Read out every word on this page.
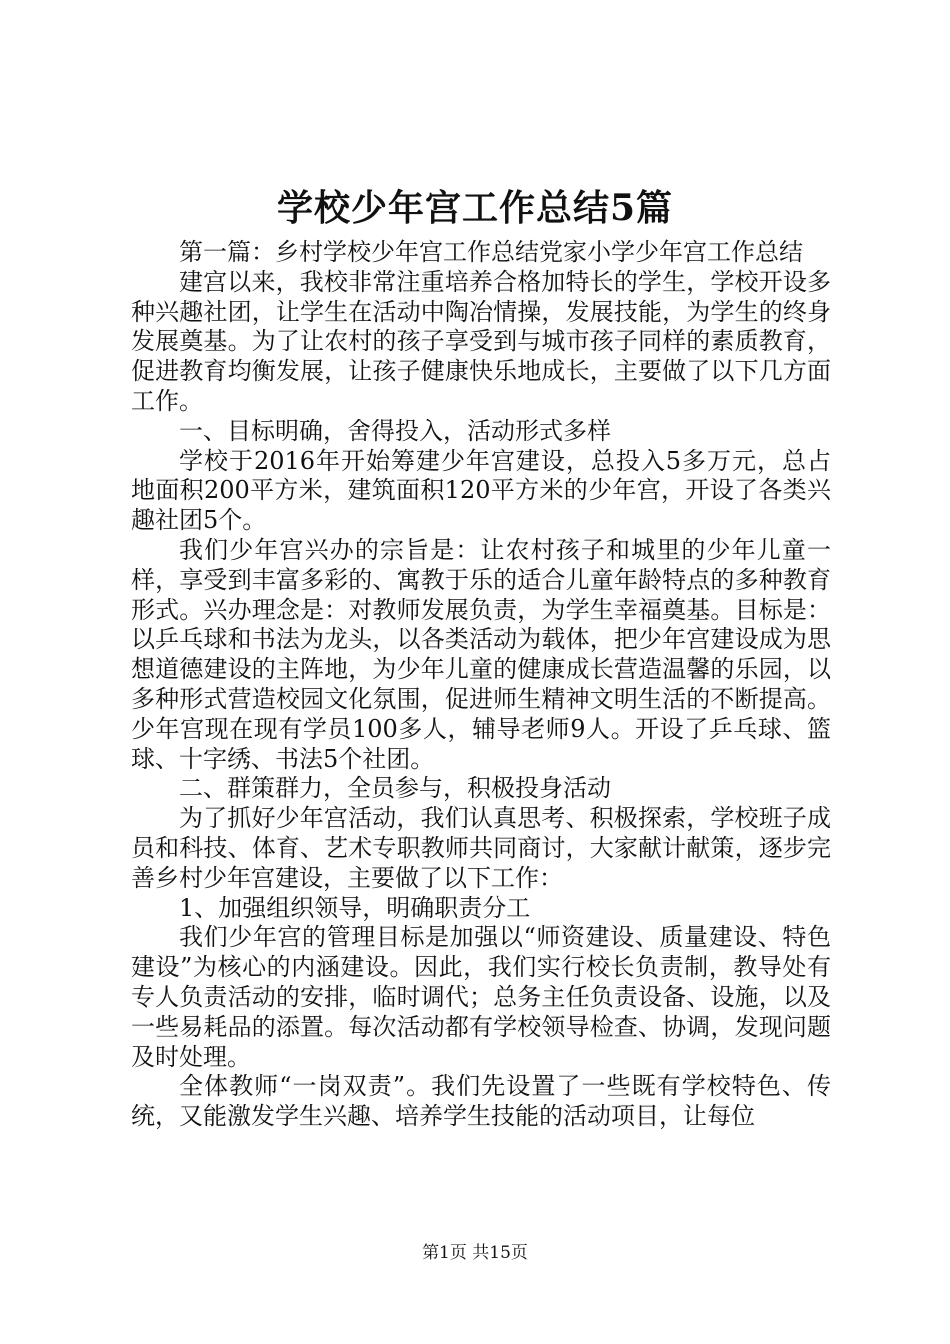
学校少年宫工作总结5篇

第一篇：乡村学校少年宫工作总结党家小学少年宫工作总结

建宫以来，我校非常注重培养合格加特长的学生，学校开设多种兴趣社团，让学生在活动中陶冶情操，发展技能，为学生的终身发展奠基。为了让农村的孩子享受到与城市孩子同样的素质教育，促进教育均衡发展，让孩子健康快乐地成长，主要做了以下几方面工作。

一、目标明确，舍得投入，活动形式多样

学校于2016年开始筹建少年宫建设，总投入5多万元，总占地面积200平方米，建筑面积120平方米的少年宫，开设了各类兴趣社团5个。

我们少年宫兴办的宗旨是：让农村孩子和城里的少年儿童一样，享受到丰富多彩的、寓教于乐的适合儿童年龄特点的多种教育形式。兴办理念是：对教师发展负责，为学生幸福奠基。目标是：以乒乓球和书法为龙头，以各类活动为载体，把少年宫建设成为思想道德建设的主阵地，为少年儿童的健康成长营造温馨的乐园，以多种形式营造校园文化氛围，促进师生精神文明生活的不断提高。少年宫现在现有学员100多人，辅导老师9人。开设了乒乓球、篮球、十字绣、书法5个社团。

二、群策群力，全员参与，积极投身活动

为了抓好少年宫活动，我们认真思考、积极探索，学校班子成员和科技、体育、艺术专职教师共同商讨，大家献计献策，逐步完善乡村少年宫建设，主要做了以下工作：

1、加强组织领导，明确职责分工

我们少年宫的管理目标是加强以“师资建设、质量建设、特色建设”为核心的内涵建设。因此，我们实行校长负责制，教导处有专人负责活动的安排，临时调代；总务主任负责设备、设施，以及一些易耗品的添置。每次活动都有学校领导检查、协调，发现问题及时处理。

全体教师“一岗双责”。我们先设置了一些既有学校特色、传统，又能激发学生兴趣、培养学生技能的活动项目，让每位

第1页 共15页
